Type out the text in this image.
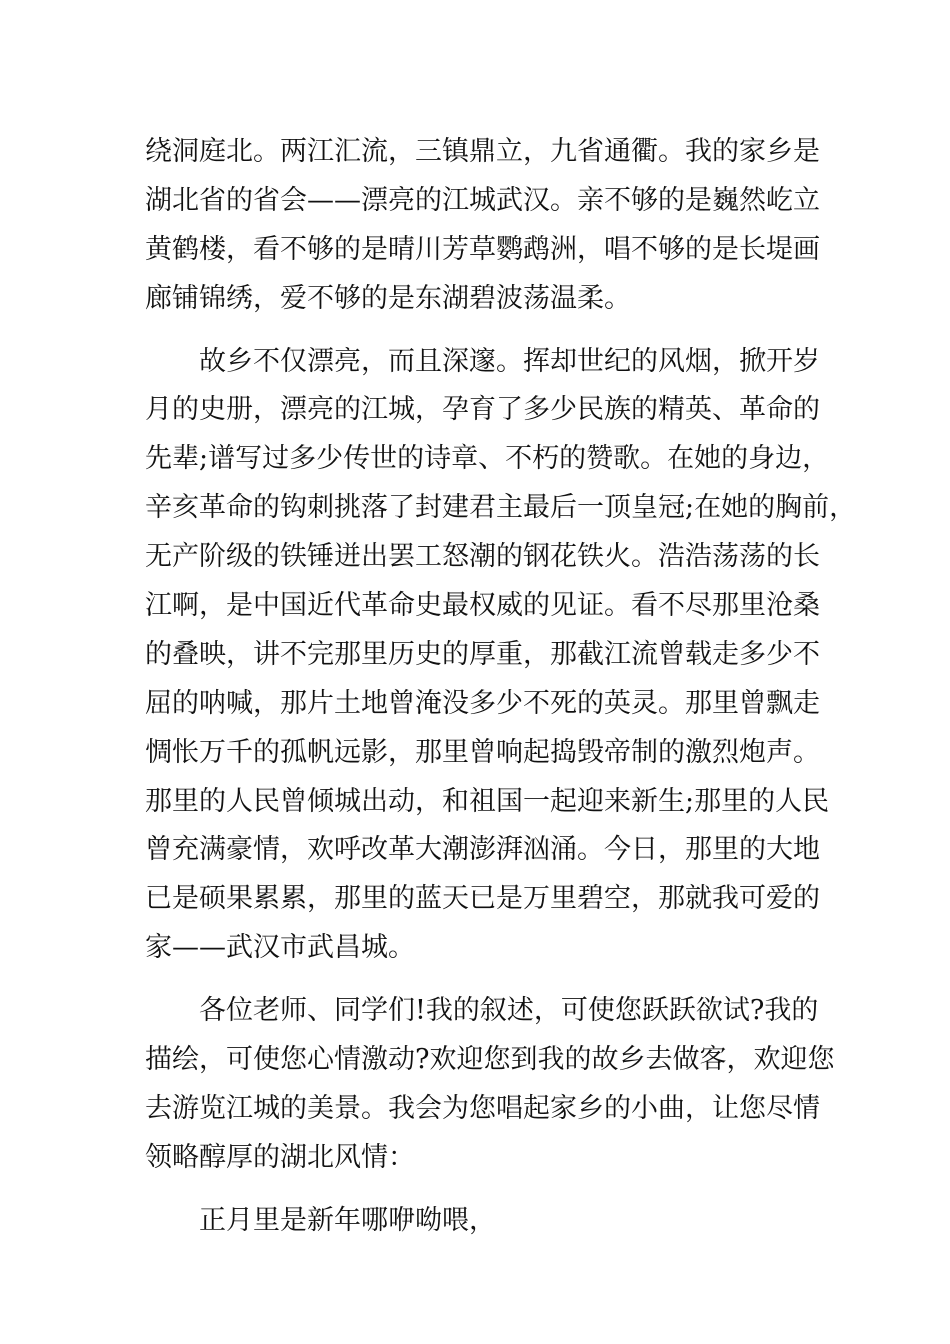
绕洞庭北。两江汇流，三镇鼎立，九省通衢。我的家乡是
湖北省的省会——漂亮的江城武汉。亲不够的是巍然屹立
黄鹤楼，看不够的是晴川芳草鹦鹉洲，唱不够的是长堤画
廊铺锦绣，爱不够的是东湖碧波荡温柔。
　　故乡不仅漂亮，而且深邃。挥却世纪的风烟，掀开岁
月的史册，漂亮的江城，孕育了多少民族的精英、革命的
先辈;谱写过多少传世的诗章、不朽的赞歌。在她的身边，
辛亥革命的钩刺挑落了封建君主最后一顶皇冠;在她的胸前，
无产阶级的铁锤迸出罢工怒潮的钢花铁火。浩浩荡荡的长
江啊，是中国近代革命史最权威的见证。看不尽那里沧桑
的叠映，讲不完那里历史的厚重，那截江流曾载走多少不
屈的呐喊，那片土地曾淹没多少不死的英灵。那里曾飘走
惆怅万千的孤帆远影，那里曾响起捣毁帝制的激烈炮声。
那里的人民曾倾城出动，和祖国一起迎来新生;那里的人民
曾充满豪情，欢呼改革大潮澎湃汹涌。今日，那里的大地
已是硕果累累，那里的蓝天已是万里碧空，那就我可爱的
家——武汉市武昌城。
　　各位老师、同学们!我的叙述，可使您跃跃欲试?我的
描绘，可使您心情激动?欢迎您到我的故乡去做客，欢迎您
去游览江城的美景。我会为您唱起家乡的小曲，让您尽情
领略醇厚的湖北风情：
　　正月里是新年哪咿呦喂，
